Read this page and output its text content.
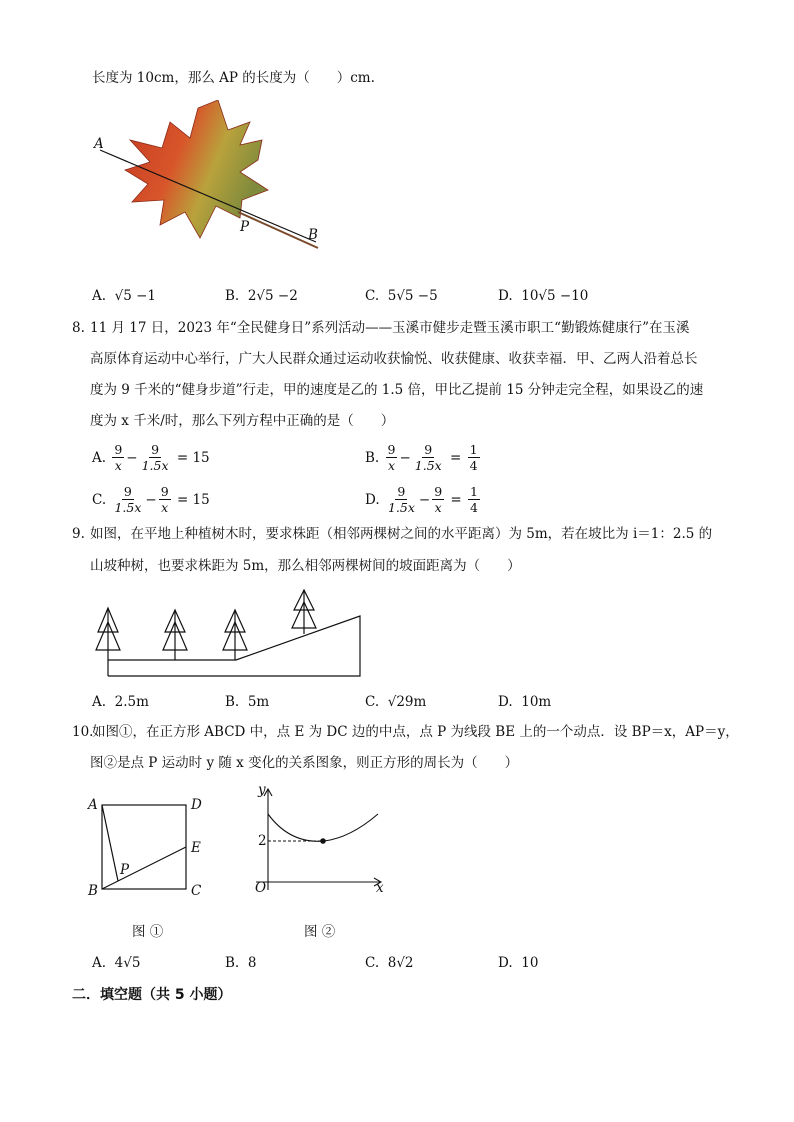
长度为 10cm，那么 AP 的长度为（　　）cm.
A
P	B
A. √5 −1	B. 2√5 −2	C. 5√5 −5	D. 10√5 −10
8. 11 月 17 日，2023 年“全民健身日”系列活动——玉溪市健步走暨玉溪市职工“勤锻炼健康行”在玉溪
高原体育运动中心举行，广大人民群众通过运动收获愉悦、收获健康、收获幸福．甲、乙两人沿着总长
度为 9 千米的“健身步道”行走，甲的速度是乙的 1.5 倍，甲比乙提前 15 分钟走完全程，如果设乙的速
度为 x 千米/时，那么下列方程中正确的是（　　）
A.
$\frac{9}{x} - \frac{9}{1.5x}$
= 15	B.
$\frac{9}{x} - \frac{9}{1.5x} = \frac{1}{4}$
C.
$\frac{9}{1.5x} - \frac{9}{x}$
= 15	D.
$\frac{9}{1.5x} - \frac{9}{x} = \frac{1}{4}$
9. 如图，在平地上种植树木时，要求株距（相邻两棵树之间的水平距离）为 5m，若在坡比为 i＝1：2.5 的
山坡种树，也要求株距为 5m，那么相邻两棵树间的坡面距离为（　　）
A. 2.5m	B. 5m	C. √29m	D. 10m
10.
如图①，在正方形 ABCD 中，点 E 为 DC 边的中点，点 P 为线段 BE 上的一个动点．设 BP＝x，AP＝y，
图②是点 P 运动时 y 随 x 变化的关系图象，则正方形的周长为（　　）
A	D
E
P
B	C
图 ①
y
2
O	x
图 ②
A. 4√5	B. 8	C. 8√2	D. 10
二．填空题（共 5 小题）
